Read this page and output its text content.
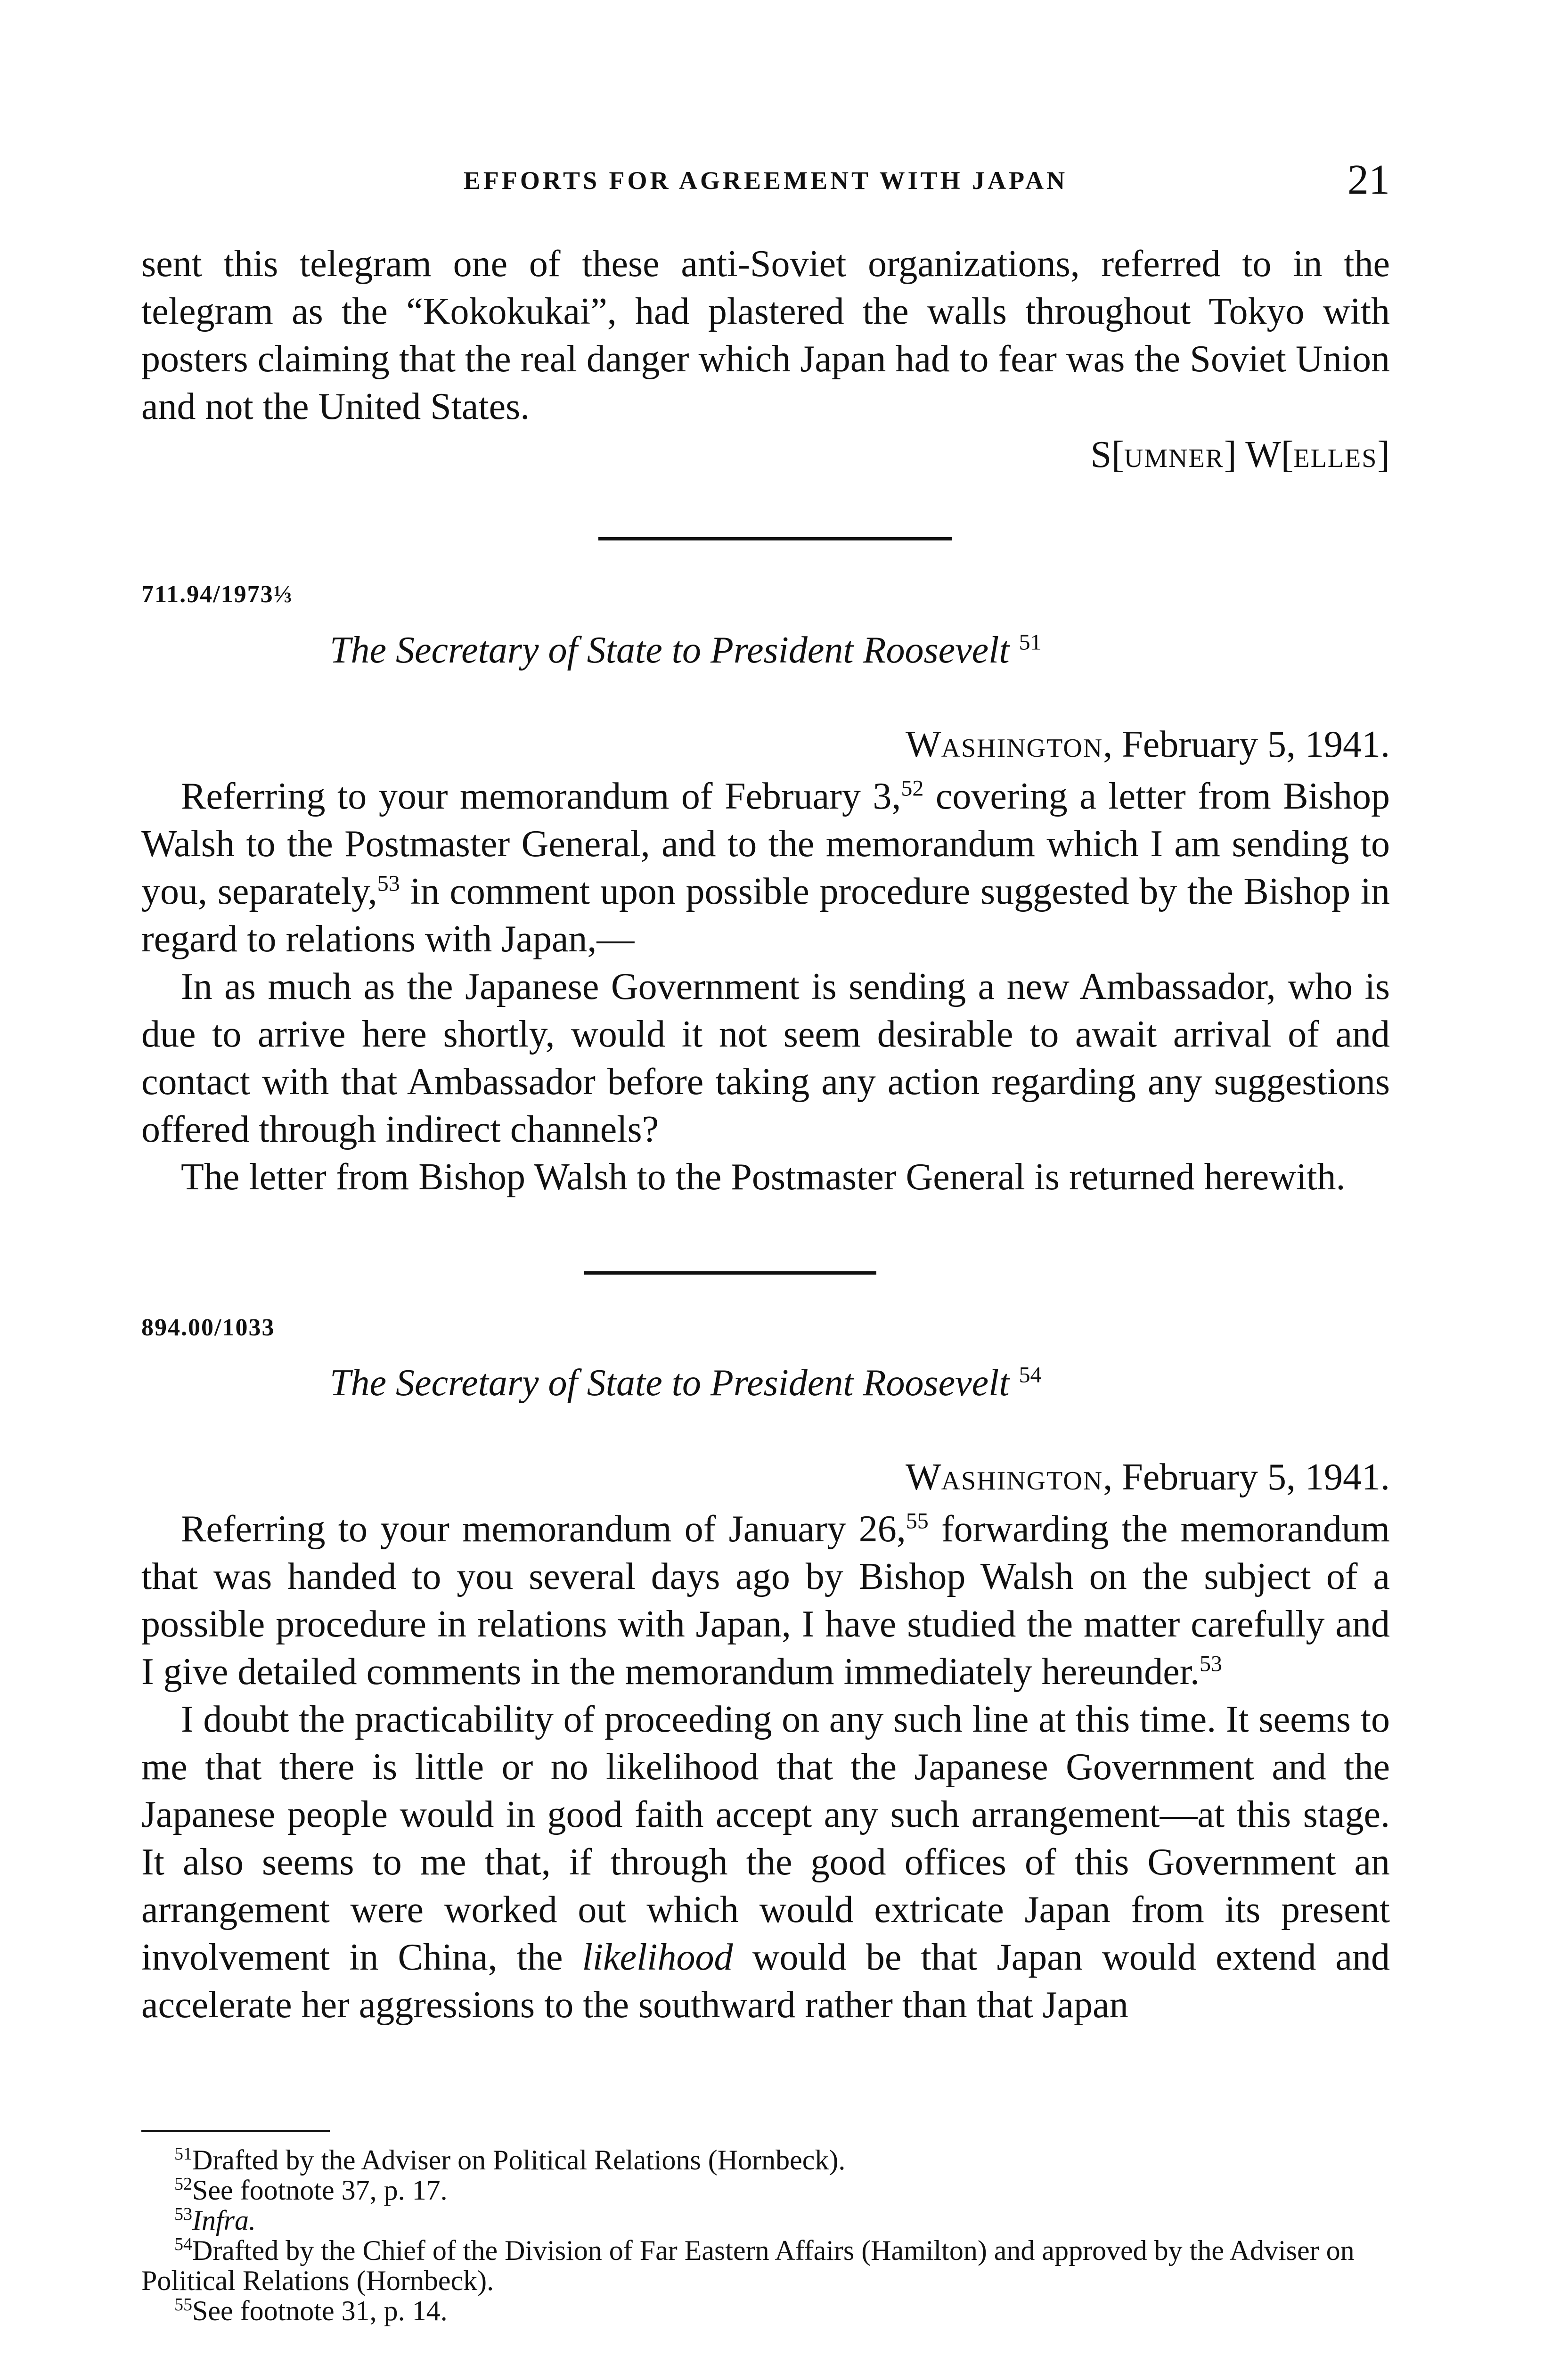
EFFORTS FOR AGREEMENT WITH JAPAN	21

sent this telegram one of these anti-Soviet organizations, referred to in the telegram as the “Kokokukai”, had plastered the walls throughout Tokyo with posters claiming that the real danger which Japan had to fear was the Soviet Union and not the United States.

S[UMNER] W[ELLES]
711.94/1973⅓
The Secretary of State to President Roosevelt $^{51}$
WASHINGTON, February 5, 1941.

Referring to your memorandum of February 3,52 covering a letter from Bishop Walsh to the Postmaster General, and to the memorandum which I am sending to you, separately,$^{53}$ in comment upon possible procedure suggested by the Bishop in regard to relations with Japan,—

In as much as the Japanese Government is sending a new Ambassador, who is due to arrive here shortly, would it not seem desirable to await arrival of and contact with that Ambassador before taking any action regarding any suggestions offered through indirect channels?

The letter from Bishop Walsh to the Postmaster General is returned herewith.

894.00/1033
The Secretary of State to President Roosevelt $^{54}$
WASHINGTON, February 5, 1941.

Referring to your memorandum of January 26,55 forwarding the memorandum that was handed to you several days ago by Bishop Walsh on the subject of a possible procedure in relations with Japan, I have studied the matter carefully and I give detailed comments in the memorandum immediately hereunder.$^{53}$

I doubt the practicability of proceeding on any such line at this time. It seems to me that there is little or no likelihood that the Japanese Government and the Japanese people would in good faith accept any such arrangement—at this stage. It also seems to me that, if through the good offices of this Government an arrangement were worked out which would extricate Japan from its present involvement in China, the likelihood would be that Japan would extend and accelerate her aggressions to the southward rather than that Japan

$^{51}$Drafted by the Adviser on Political Relations (Hornbeck).

$^{52}$See footnote 37, p. 17.

$^{53}$Infra.

$^{54}$Drafted by the Chief of the Division of Far Eastern Affairs (Hamilton) and approved by the Adviser on Political Relations (Hornbeck).

$^{55}$See footnote 31, p. 14.
